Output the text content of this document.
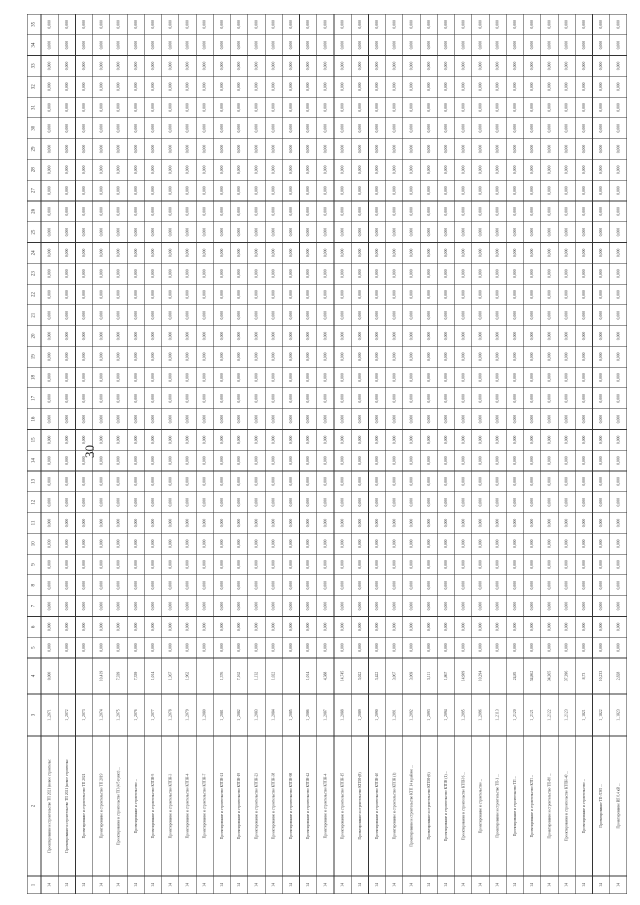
30
1
2
3
4
5
6
7
8
9
10
11
12
13
14
15
16
17
18
19
20
21
22
23
24
25
26
27
28
29
30
31
32
33
34
35
14
Проектирование и строительство ТП 2021 (новое строительс
1_2071
0,000
0,000
0,000
0,000
0,000
0,000
0,030
0,000
0,000
0,000
0,000
0,000
0,000
0,000
0,000
0,000
0,000
0,000
0,000
0,000
0,000
0,000
0,000
0,000
0,000
0,000
0,000
0,000
0,000
0,000
0,000
0,000
14
Проектирование и строительство ТП 2021 (новое строительс
1_2072
0,000
0,000
0,000
0,000
0,000
0,000
0,000
0,000
0,000
0,000
0,000
0,000
0,000
0,000
0,000
0,000
0,000
0,000
0,000
0,000
0,000
0,000
0,000
0,000
0,000
0,000
0,000
0,000
0,000
0,000
0,000
14
Проектирование и строительство ТП 2021
1_2073
0,000
0,000
0,000
0,000
0,000
0,000
0,000
0,000
0,000
0,000
0,000
0,000
0,000
0,000
0,000
0,000
0,000
0,000
0,000
0,000
0,000
0,000
0,000
0,000
0,000
0,000
0,000
0,000
0,000
0,000
0,000
14
Проектирование и строительство ТП 2019
1_2074
10,419
0,000
0,000
0,000
0,000
0,000
0,000
0,000
0,000
0,000
0,000
0,000
0,000
0,000
0,000
0,000
0,000
0,000
0,000
0,000
0,000
0,000
0,000
0,000
0,000
0,000
0,000
0,000
0,000
0,000
0,000
0,000
14
Проектирование и строительство ТП (4/5 пункт) ...
1_2075
7,339
0,000
0,000
0,000
0,000
0,000
0,000
0,000
0,000
0,000
0,000
0,000
0,000
0,000
0,000
0,000
0,000
0,000
0,000
0,000
0,000
0,000
0,000
0,000
0,000
0,000
0,000
0,000
0,000
0,000
0,000
0,000
14
Проектирование и строительство ...
1_2076
7,339
0,000
0,000
0,000
0,000
0,000
0,000
0,000
0,000
0,000
0,000
0,000
0,000
0,000
0,000
0,000
0,000
0,000
0,000
0,000
0,000
0,000
0,000
0,000
0,000
0,000
0,000
0,000
0,000
0,000
0,000
0,000
14
Проектирование и строительство КТПН-5
1_2077
1,014
0,000
0,000
0,000
0,000
0,000
0,000
0,000
0,000
0,000
0,000
0,000
0,000
0,000
0,000
0,000
0,000
0,000
0,000
0,000
0,000
0,000
0,000
0,000
0,000
0,000
0,000
0,000
0,000
0,000
0,000
0,000
14
Проектирование и строительство КТПН-3
1_2078
1,367
0,000
0,000
0,000
0,000
0,000
0,000
0,000
0,000
0,000
0,000
0,000
0,000
0,000
0,000
0,000
0,000
0,000
0,000
0,000
0,000
0,000
0,000
0,000
0,000
0,000
0,000
0,000
0,000
0,000
0,000
0,000
14
Проектирование и строительство КТПН-4
1_2079
1,962
0,000
0,000
0,000
0,000
0,000
0,000
0,000
0,000
0,000
0,000
0,000
0,000
0,000
0,000
0,000
0,000
0,000
0,000
0,000
0,000
0,000
0,000
0,000
0,000
0,000
0,000
0,000
0,000
0,000
0,000
0,000
14
Проектирование и строительство КТПН-7
1_2080
0,000
0,000
0,000
0,000
0,000
0,000
0,000
0,000
0,000
0,000
0,000
0,000
0,000
0,000
0,000
0,000
0,000
0,000
0,000
0,000
0,000
0,000
0,000
0,000
0,000
0,000
0,000
0,000
0,000
0,000
0,000
14
Проектирование и строительство КТПН-21
1_2081
1,376
0,000
0,000
0,000
0,000
0,000
0,000
0,000
0,000
0,000
0,000
0,000
0,000
0,000
0,000
0,000
0,000
0,000
0,000
0,000
0,000
0,000
0,000
0,000
0,000
0,000
0,000
0,000
0,000
0,000
0,000
0,000
14
Проектирование и строительство КТПН-19
1_2082
7,162
0,000
0,000
0,000
0,000
0,000
0,000
0,000
0,000
0,000
0,000
0,000
0,000
0,000
0,000
0,000
0,000
0,000
0,000
0,000
0,000
0,000
0,000
0,000
0,000
0,000
0,000
0,000
0,000
0,000
0,000
0,000
14
Проектирование и строительство КТПН-23
1_2083
1,132
0,000
0,000
0,000
0,000
0,000
0,000
0,000
0,000
0,000
0,000
0,000
0,000
0,000
0,000
0,000
0,000
0,000
0,000
0,000
0,000
0,000
0,000
0,000
0,000
0,000
0,000
0,000
0,000
0,000
0,000
0,000
14
Проектирование и строительство КТПН-38
1_2084
1,022
0,000
0,000
0,000
0,000
0,000
0,000
0,000
0,000
0,000
0,000
0,000
0,000
0,000
0,000
0,000
0,000
0,000
0,000
0,000
0,000
0,000
0,000
0,000
0,000
0,000
0,000
0,000
0,000
0,000
0,000
0,000
14
Проектирование и строительство КТПН-98
1_2085
0,000
0,000
0,000
0,000
0,000
0,000
0,000
0,000
0,000
0,000
0,000
0,000
0,000
0,000
0,000
0,000
0,000
0,000
0,000
0,000
0,000
0,000
0,000
0,000
0,000
0,000
0,000
0,000
0,000
0,000
0,000
14
Проектирование и строительство КТПН-42
1_2086
1,014
0,000
0,000
0,000
0,000
0,000
0,000
0,000
0,000
0,000
0,000
0,000
0,000
0,000
0,000
0,000
0,000
0,000
0,000
0,000
0,000
0,000
0,000
0,000
0,000
0,000
0,000
0,000
0,000
0,000
0,000
0,000
14
Проектирование и строительство КТПН-4
1_2087
4,388
0,000
0,000
0,000
0,000
0,000
0,000
0,000
0,000
0,000
0,000
0,000
0,000
0,000
0,000
0,000
0,000
0,000
0,000
0,000
0,000
0,000
0,000
0,000
0,000
0,000
0,000
0,000
0,000
0,000
0,000
0,000
14
Проектирование и строительство КТПН-15
1_2088
14,745
0,000
0,000
0,000
0,000
0,000
0,000
0,000
0,000
0,000
0,000
0,000
0,000
0,000
0,000
0,000
0,000
0,000
0,000
0,000
0,000
0,000
0,000
0,000
0,000
0,000
0,000
0,000
0,000
0,000
0,000
0,000
14
Проектирование и строительство КТПН-(8)
1_2089
3,022
0,000
0,000
0,000
0,000
0,000
0,000
0,000
0,000
0,000
0,000
0,000
0,000
0,000
0,000
0,000
0,000
0,000
0,000
0,000
0,000
0,000
0,000
0,000
0,000
0,000
0,000
0,000
0,000
0,000
0,000
0,000
14
Проектирование и строительство КТПН-40
1_2090
3,422
0,000
0,000
0,000
0,000
0,000
0,000
0,000
0,000
0,000
0,000
0,000
0,000
0,000
0,000
0,000
0,000
0,000
0,000
0,000
0,000
0,000
0,000
0,000
0,000
0,000
0,000
0,000
0,000
0,000
0,000
0,000
14
Проектирование и строительство КТПН (1)
1_2091
3,067
0,000
0,000
0,000
0,000
0,000
0,000
0,000
0,000
0,000
0,000
0,000
0,000
0,000
0,000
0,000
0,000
0,000
0,000
0,000
0,000
0,000
0,000
0,000
0,000
0,000
0,000
0,000
0,000
0,000
0,000
0,000
14
Проектирование и строительство КТП 14 в районе ...
1_2092
3,069
0,000
0,000
0,000
0,000
0,000
0,000
0,000
0,000
0,000
0,000
0,000
0,000
0,000
0,000
0,000
0,000
0,000
0,000
0,000
0,000
0,000
0,000
0,000
0,000
0,000
0,000
0,000
0,000
0,000
0,000
0,000
14
Проектирование и строительство КТПН-(6)
1_2093
3,111
0,000
0,000
0,000
0,000
0,000
0,000
0,000
0,000
0,000
0,000
0,000
0,000
0,000
0,000
0,000
0,000
0,000
0,000
0,000
0,000
0,000
0,000
0,000
0,000
0,000
0,000
0,000
0,000
0,000
0,000
0,000
14
Проектирование и строительство КТПН (1) ...
1_2094
1,867
0,000
0,000
0,000
0,000
0,000
0,000
0,000
0,000
0,000
0,000
0,000
0,000
0,000
0,000
0,000
0,000
0,000
0,000
0,000
0,000
0,000
0,000
0,000
0,000
0,000
0,000
0,000
0,000
0,000
0,000
0,000
14
Проектирование и строительство КТПН 6 ...
1_2095
14,909
0,000
0,000
0,000
0,000
0,000
0,000
0,000
0,000
0,000
0,000
0,000
0,000
0,000
0,000
0,000
0,000
0,000
0,000
0,000
0,000
0,000
0,000
0,000
0,000
0,000
0,000
0,000
0,000
0,000
0,000
0,000
14
Проектирование и строительство ...
1_2096
10,294
0,000
0,000
0,000
0,000
0,000
0,000
0,000
0,000
0,000
0,000
0,000
0,000
0,000
0,000
0,000
0,000
0,000
0,000
0,000
0,000
0,000
0,000
0,000
0,000
0,000
0,000
0,000
0,000
0,000
0,000
0,000
14
Проектирование и строительство ТП-1 ...
1_2113
0,000
0,000
0,000
0,000
0,000
0,000
0,000
0,000
0,000
0,000
0,000
0,000
0,000
0,000
0,000
0,000
0,000
0,000
0,000
0,000
0,000
0,000
0,000
0,000
0,000
0,000
0,000
0,000
0,000
0,000
0,000
14
Проектирование и строительство ТП ...
1_2120
24,85
0,000
0,000
0,000
0,000
0,000
0,000
0,000
0,000
0,000
0,000
0,000
0,000
0,000
0,000
0,000
0,000
0,000
0,000
0,000
0,000
0,000
0,000
0,000
0,000
0,000
0,000
0,000
0,000
0,000
0,000
0,000
14
Проектирование и строительство КТП ...
1_2121
34,862
0,000
0,000
0,000
0,000
0,000
0,000
0,000
0,000
0,000
0,000
0,000
0,000
0,000
0,000
0,000
0,000
0,000
0,000
0,000
0,000
0,000
0,000
0,000
0,000
0,000
0,000
0,000
0,000
0,000
0,000
0,000
14
Проектирование и строительство ТП-80 ...
1_2122
34,365
0,000
0,000
0,000
0,000
0,000
0,000
0,000
0,000
0,000
0,000
0,000
0,000
0,000
0,000
0,000
0,000
0,000
0,000
0,000
0,000
0,000
0,000
0,000
0,000
0,000
0,000
0,000
0,000
0,000
0,000
0,000
14
Проектирование и строительство КТПН-40 ...
1_2123
37,396
0,000
0,000
0,000
0,000
0,000
0,000
0,000
0,000
0,000
0,000
0,000
0,000
0,000
0,000
0,000
0,000
0,000
0,000
0,000
0,000
0,000
0,000
0,000
0,000
0,000
0,000
0,000
0,000
0,000
0,000
0,000
14
Проектирование и строительство ...
1_1821
8,73
0,000
0,000
0,000
0,000
0,000
0,000
0,000
0,000
0,000
0,000
0,000
0,000
0,000
0,000
0,000
0,000
0,000
0,000
0,000
0,000
0,000
0,000
0,000
0,000
0,000
0,000
0,000
0,000
0,000
0,000
0,000
14
Проектирование ТП-ЛЭП ...
1_1822
10,233
0,000
0,000
0,000
0,000
0,000
0,000
0,000
0,000
0,000
0,000
0,000
0,000
0,000
0,000
0,000
0,000
0,000
0,000
0,000
0,000
0,000
0,000
0,000
0,000
0,000
0,000
0,000
0,000
0,000
0,000
0,000
14
Проектирование ВЛ 0,4 кВ ...
1_1823
2,828
0,000
0,000
0,000
0,000
0,000
0,000
0,000
0,000
0,000
0,000
0,000
0,000
0,000
0,000
0,000
0,000
0,000
0,000
0,000
0,000
0,000
0,000
0,000
0,000
0,000
0,000
0,000
0,000
0,000
0,000
0,000
